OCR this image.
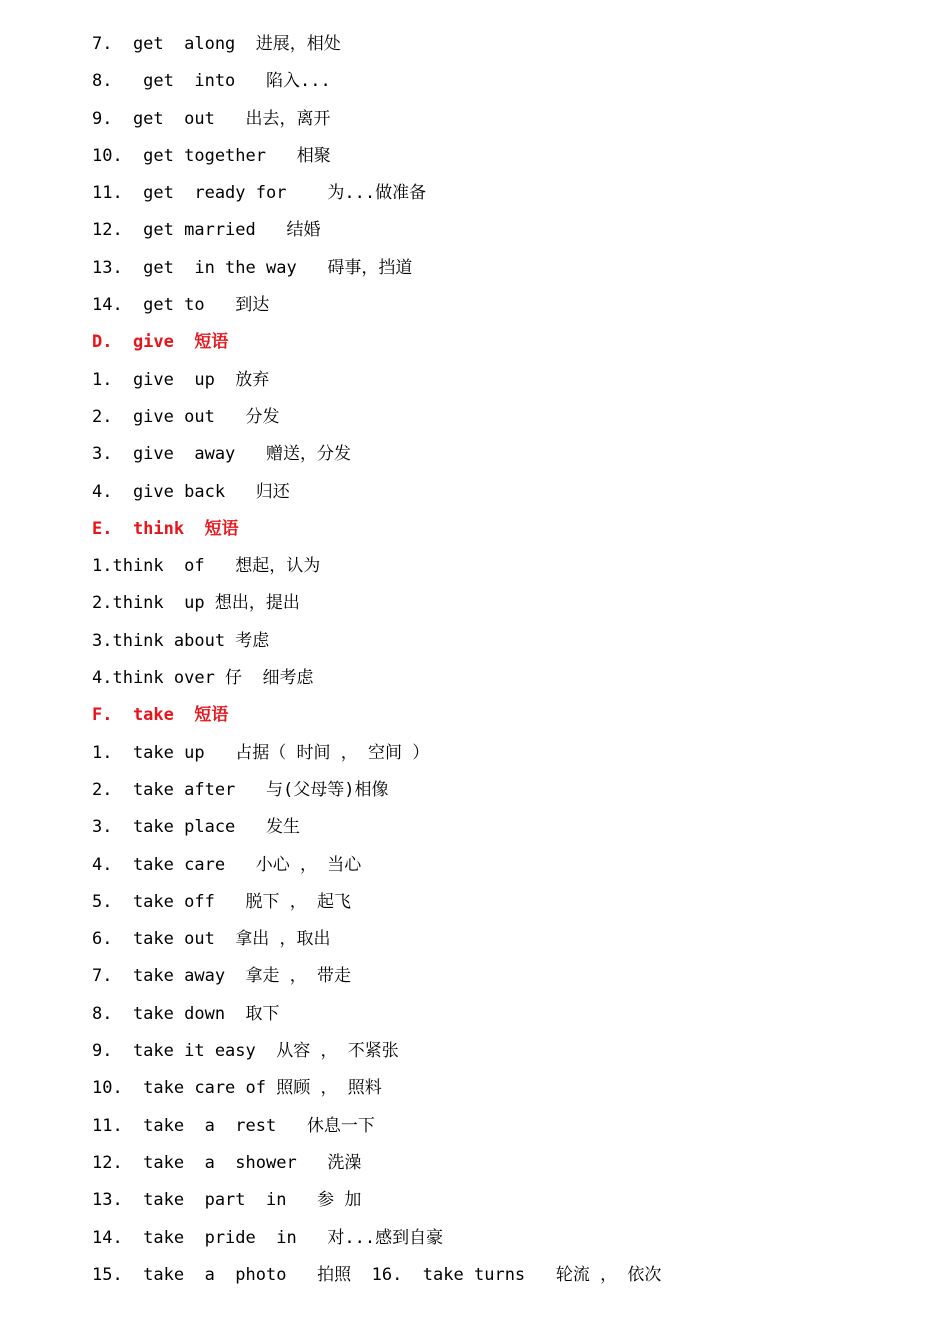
7.  get  along  进展，相处
8.   get  into   陷入...
9.  get  out   出去，离开
10.  get together   相聚
11.  get  ready for    为...做准备
12.  get married   结婚
13.  get  in the way   碍事，挡道
14.  get to   到达
D.  give  短语
1.  give  up  放弃
2.  give out   分发
3.  give  away   赠送，分发
4.  give back   归还
E.  think  短语
1.think  of   想起，认为
2.think  up 想出，提出
3.think about 考虑
4.think over 仔  细考虑
F.  take  短语
1.  take up   占据（ 时间 ， 空间 ）
2.  take after   与(父母等)相像
3.  take place   发生
4.  take care   小心 ， 当心
5.  take off   脱下 ， 起飞
6.  take out  拿出 ，取出
7.  take away  拿走 ， 带走
8.  take down  取下
9.  take it easy  从容 ， 不紧张
10.  take care of 照顾 ， 照料
11.  take  a  rest   休息一下
12.  take  a  shower   洗澡
13.  take  part  in   参 加
14.  take  pride  in   对...感到自豪
15.  take  a  photo   拍照  16.  take turns   轮流 ， 依次
